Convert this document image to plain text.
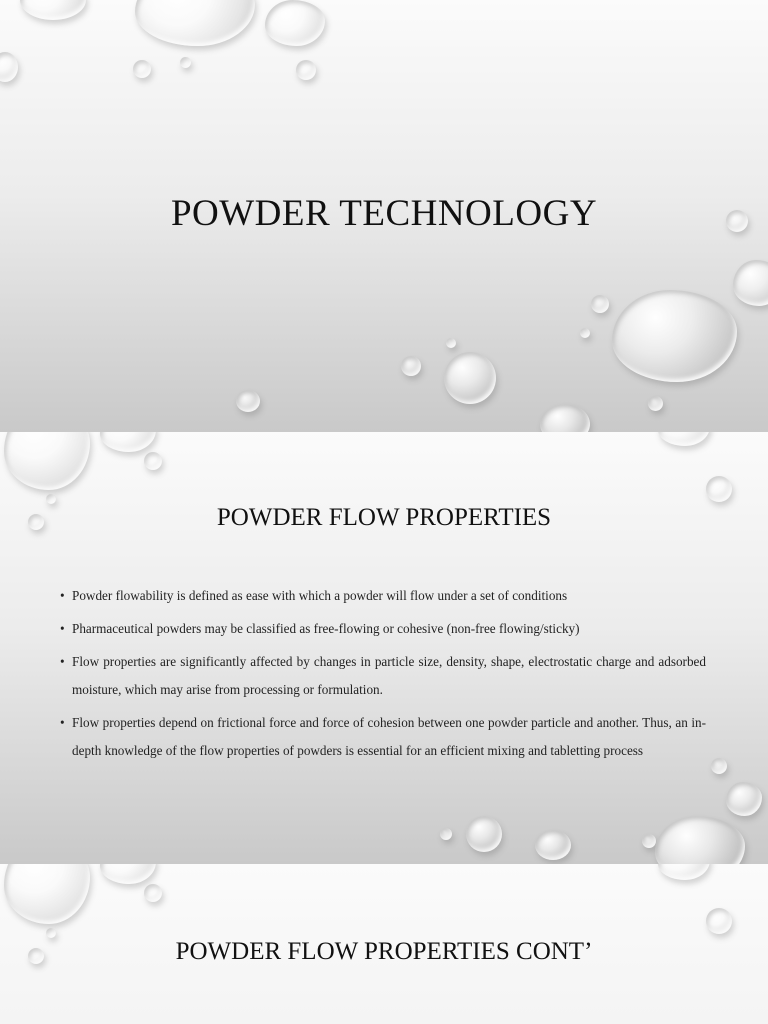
POWDER TECHNOLOGY
POWDER FLOW PROPERTIES
• Powder flowability is defined as ease with which a powder will flow under a set of conditions
• Pharmaceutical powders may be classified as free-flowing or cohesive (non-free flowing/sticky)
• Flow properties are significantly affected by changes in particle size, density, shape, electrostatic charge and adsorbed moisture, which may arise from processing or formulation.
• Flow properties depend on frictional force and force of cohesion between one powder particle and another. Thus, an in-depth knowledge of the flow properties of powders is essential for an efficient mixing and tabletting process
POWDER FLOW PROPERTIES CONT’
